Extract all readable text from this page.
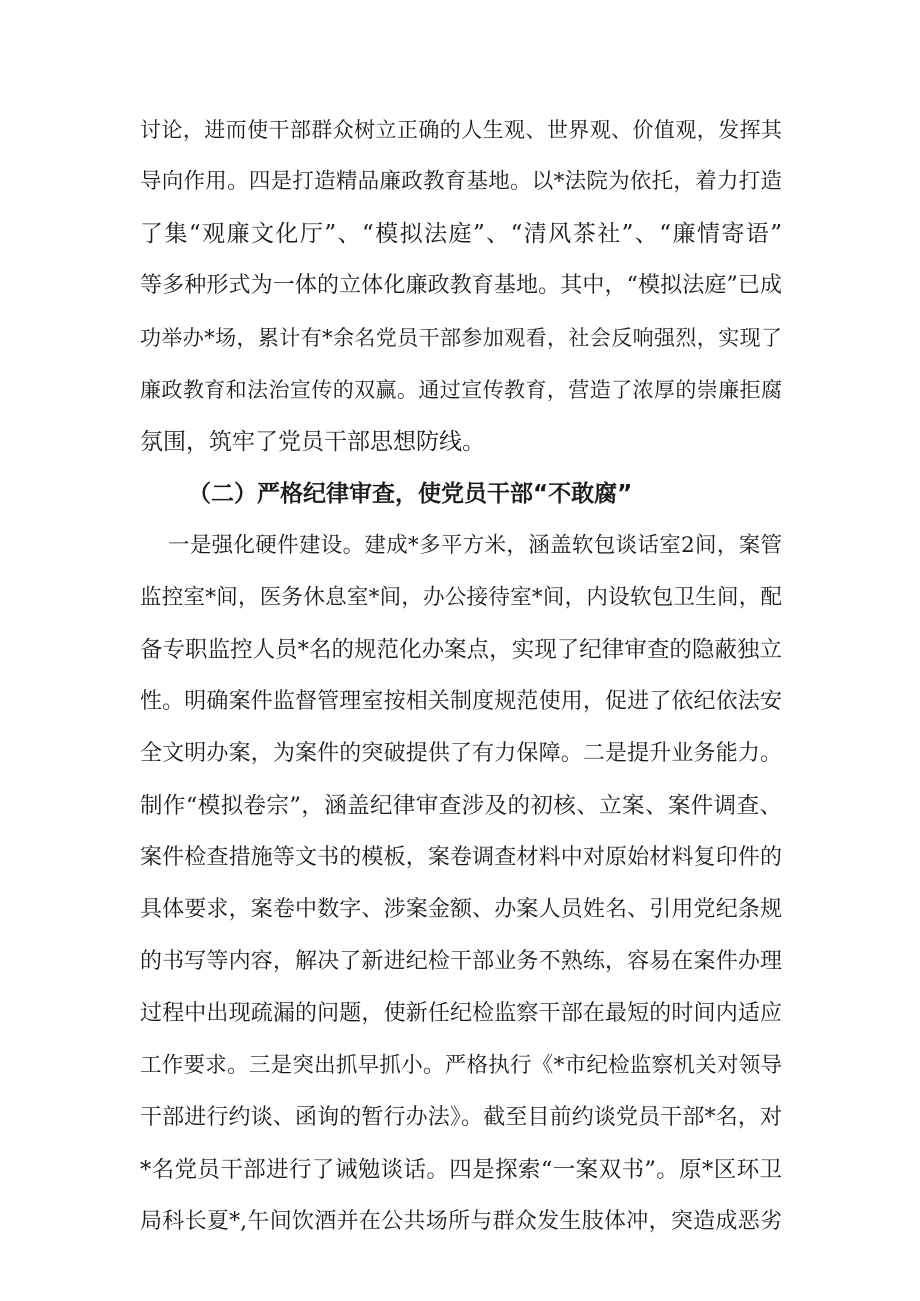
讨论，进而使干部群众树立正确的人生观、世界观、价值观，发挥其
导向作用。四是打造精品廉政教育基地。以*法院为依托，着力打造
了集“观廉文化厅”、“模拟法庭”、“清风茶社”、“廉情寄语”
等多种形式为一体的立体化廉政教育基地。其中，“模拟法庭”已成
功举办*场，累计有*余名党员干部参加观看，社会反响强烈，实现了
廉政教育和法治宣传的双赢。通过宣传教育，营造了浓厚的崇廉拒腐
氛围，筑牢了党员干部思想防线。
（二）严格纪律审查，使党员干部“不敢腐”
一是强化硬件建设。建成*多平方米，涵盖软包谈话室2间，案管
监控室*间，医务休息室*间，办公接待室*间，内设软包卫生间，配
备专职监控人员*名的规范化办案点，实现了纪律审查的隐蔽独立
性。明确案件监督管理室按相关制度规范使用，促进了依纪依法安
全文明办案，为案件的突破提供了有力保障。二是提升业务能力。
制作“模拟卷宗”，涵盖纪律审查涉及的初核、立案、案件调查、
案件检查措施等文书的模板，案卷调查材料中对原始材料复印件的
具体要求，案卷中数字、涉案金额、办案人员姓名、引用党纪条规
的书写等内容，解决了新进纪检干部业务不熟练，容易在案件办理
过程中出现疏漏的问题，使新任纪检监察干部在最短的时间内适应
工作要求。三是突出抓早抓小。严格执行《*市纪检监察机关对领导
干部进行约谈、函询的暂行办法》。截至目前约谈党员干部*名，对
*名党员干部进行了诫勉谈话。四是探索“一案双书”。原*区环卫
局科长夏*,午间饮酒并在公共场所与群众发生肢体冲，突造成恶劣
